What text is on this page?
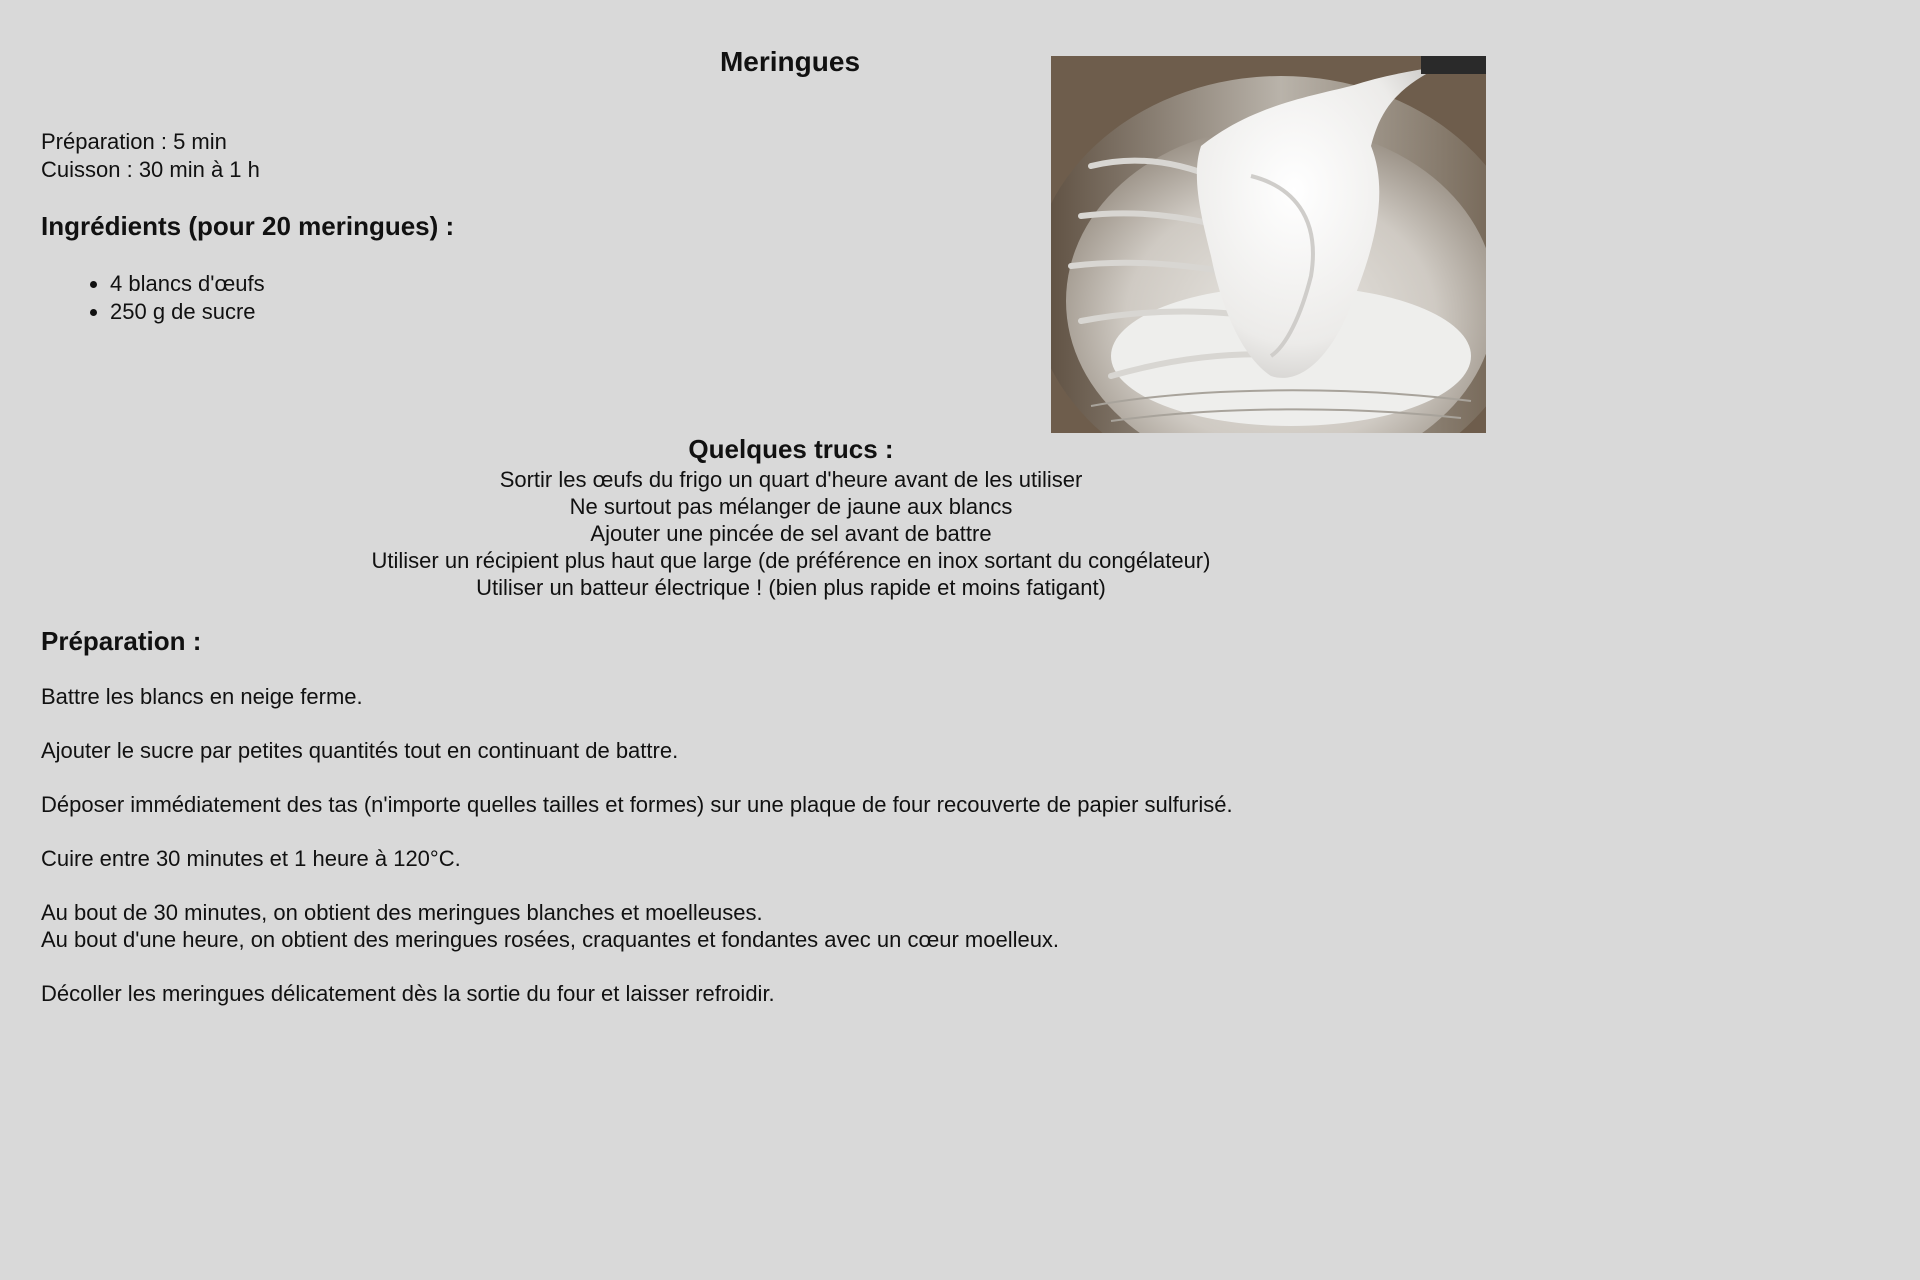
Meringues
Préparation : 5 min
Cuisson : 30 min à 1 h
Ingrédients (pour 20 meringues) :
• 4 blancs d'œufs
• 250 g de sucre
Quelques trucs :
Sortir les œufs du frigo un quart d'heure avant de les utiliser
Ne surtout pas mélanger de jaune aux blancs
Ajouter une pincée de sel avant de battre
Utiliser un récipient plus haut que large (de préférence en inox sortant du congélateur)
Utiliser un batteur électrique ! (bien plus rapide et moins fatigant)
Préparation :

Battre les blancs en neige ferme.

Ajouter le sucre par petites quantités tout en continuant de battre.

Déposer immédiatement des tas (n'importe quelles tailles et formes) sur une plaque de four recouverte de papier sulfurisé.

Cuire entre 30 minutes et 1 heure à 120°C.

Au bout de 30 minutes, on obtient des meringues blanches et moelleuses.

Au bout d'une heure, on obtient des meringues rosées, craquantes et fondantes avec un cœur moelleux.

Décoller les meringues délicatement dès la sortie du four et laisser refroidir.
